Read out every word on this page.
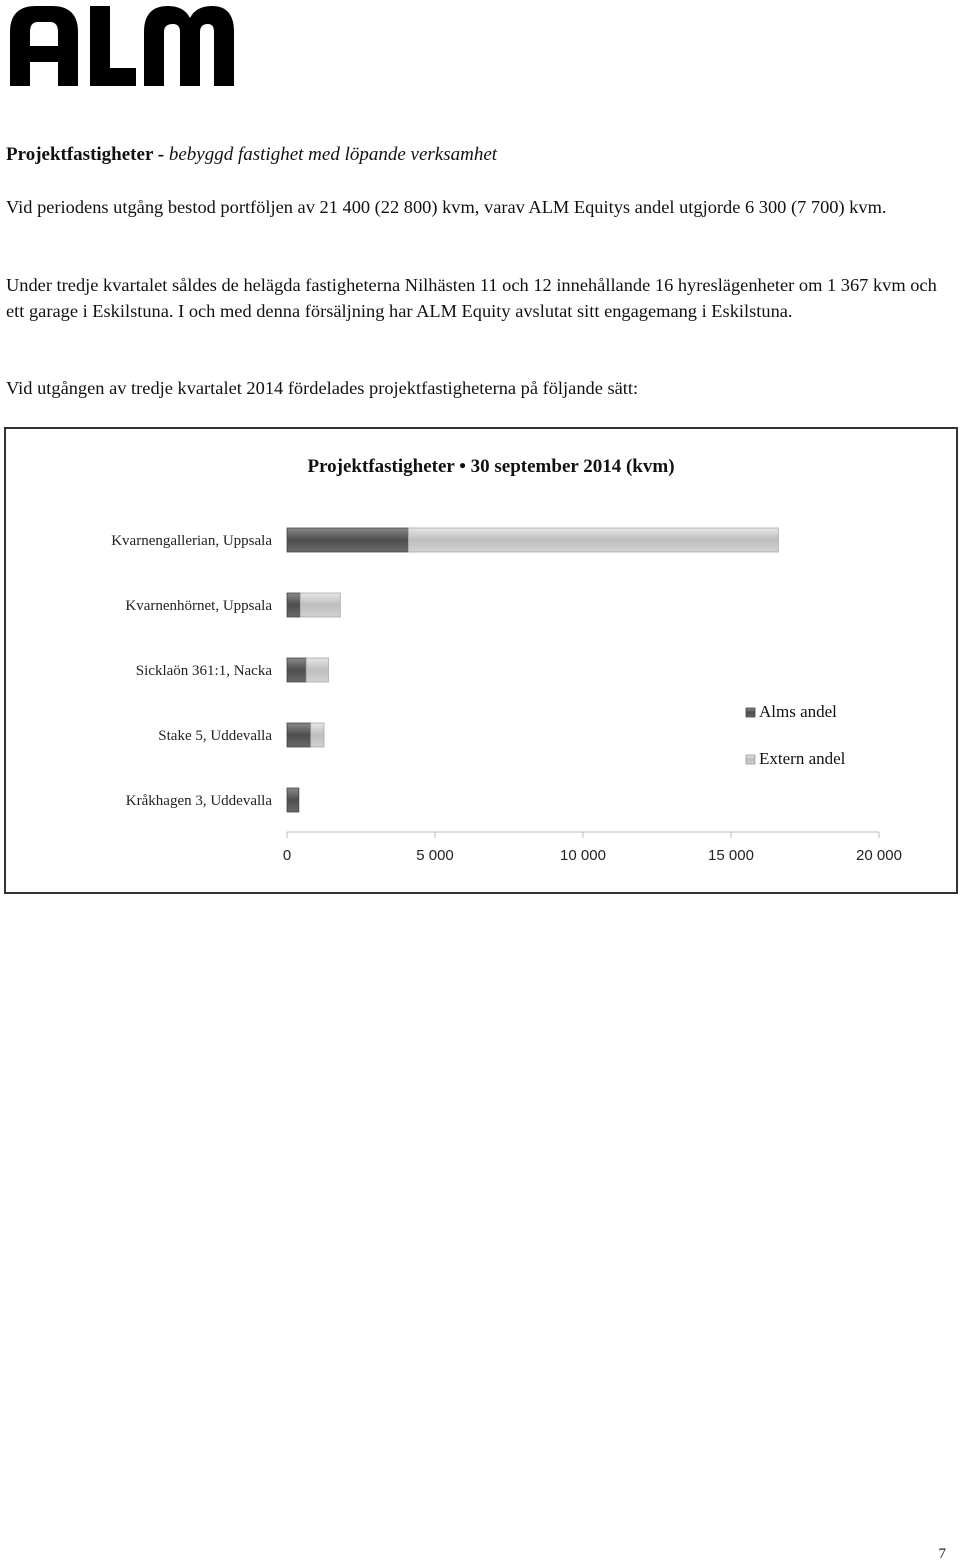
Projektfastigheter - bebyggd fastighet med löpande verksamhet

Vid periodens utgång bestod portföljen av 21 400 (22 800) kvm, varav ALM Equitys andel utgjorde 6 300 (7 700) kvm.

Under tredje kvartalet såldes de helägda fastigheterna Nilhästen 11 och 12 innehållande 16 hyreslägenheter om 1 367 kvm och ett garage i Eskilstuna. I och med denna försäljning har ALM Equity avslutat sitt engagemang i Eskilstuna.

Vid utgången av tredje kvartalet 2014 fördelades projektfastigheterna på följande sätt:

Projektfastigheter • 30 september 2014 (kvm)
0	5 000	10 000	15 000	20 000
Kvarnengallerian, Uppsala
Kvarnenhörnet, Uppsala
Sicklaön 361:1, Nacka
Stake 5, Uddevalla
Kråkhagen 3, Uddevalla
Alms andel
Extern andel
7
